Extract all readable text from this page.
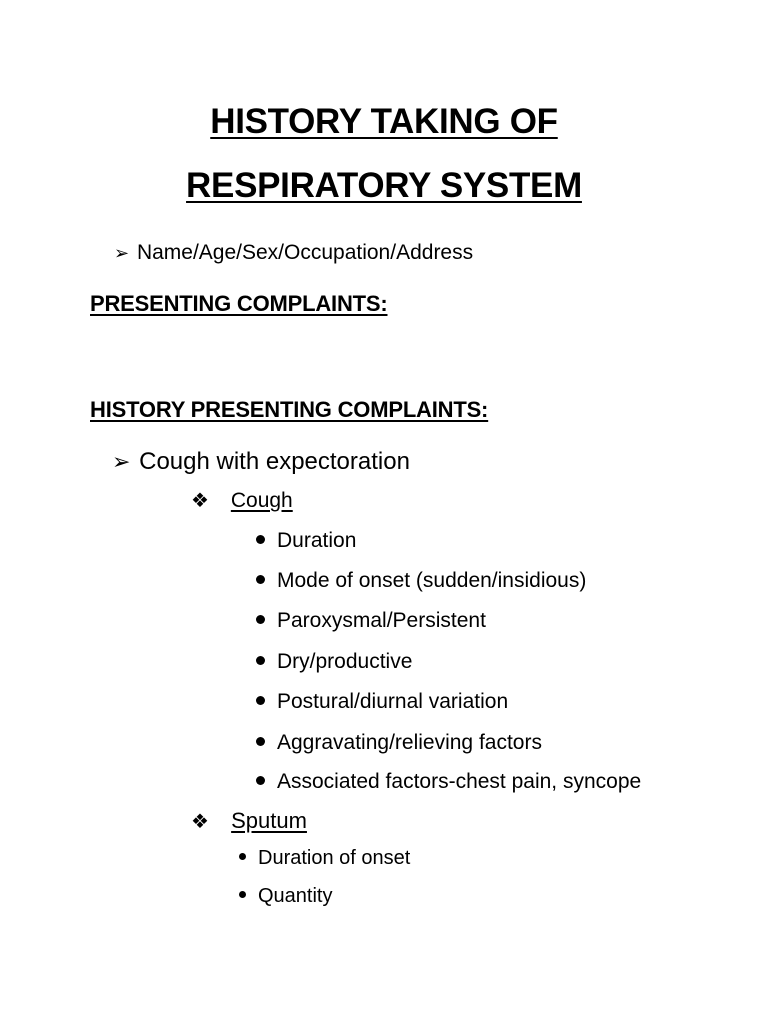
HISTORY TAKING OF
RESPIRATORY SYSTEM
➢ Name/Age/Sex/Occupation/Address
PRESENTING COMPLAINTS:
HISTORY PRESENTING COMPLAINTS:
➢ Cough with expectoration
❖ Cough
Duration
Mode of onset (sudden/insidious)
Paroxysmal/Persistent
Dry/productive
Postural/diurnal variation
Aggravating/relieving factors
Associated factors-chest pain, syncope
❖ Sputum
Duration of onset
Quantity
